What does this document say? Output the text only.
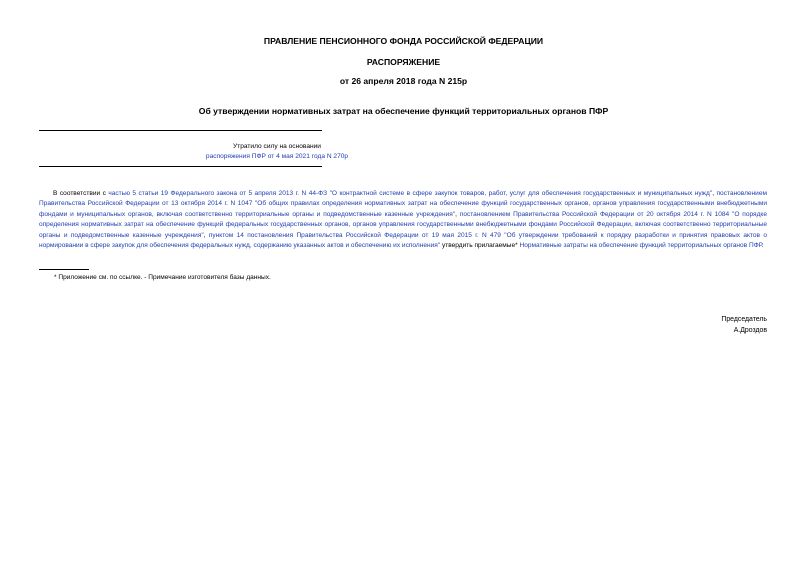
ПРАВЛЕНИЕ ПЕНСИОННОГО ФОНДА РОССИЙСКОЙ ФЕДЕРАЦИИ
РАСПОРЯЖЕНИЕ
от 26 апреля 2018 года N 215р
Об утверждении нормативных затрат на обеспечение функций территориальных органов ПФР
Утратило силу на основании
распоряжения ПФР от 4 мая 2021 года N 270р
В соответствии с частью 5 статьи 19 Федерального закона от 5 апреля 2013 г. N 44-ФЗ "О контрактной системе в сфере закупок товаров, работ, услуг для обеспечения государственных и муниципальных нужд", постановлением Правительства Российской Федерации от 13 октября 2014 г. N 1047 "Об общих правилах определения нормативных затрат на обеспечение функций государственных органов, органов управления государственными внебюджетными фондами и муниципальных органов, включая соответственно территориальные органы и подведомственные казенные учреждения", постановлением Правительства Российской Федерации от 20 октября 2014 г. N 1084 "О порядке определения нормативных затрат на обеспечение функций федеральных государственных органов, органов управления государственными внебюджетными фондами Российской Федерации, включая соответственно территориальные органы и подведомственные казенные учреждения", пунктом 14 постановления Правительства Российской Федерации от 19 мая 2015 г. N 479 "Об утверждении требований к порядку разработки и принятия правовых актов о нормировании в сфере закупок для обеспечения федеральных нужд, содержанию указанных актов и обеспечению их исполнения" утвердить прилагаемые* Нормативные затраты на обеспечение функций территориальных органов ПФР.
* Приложение см. по ссылке. - Примечание изготовителя базы данных.
Председатель
А.Дроздов
